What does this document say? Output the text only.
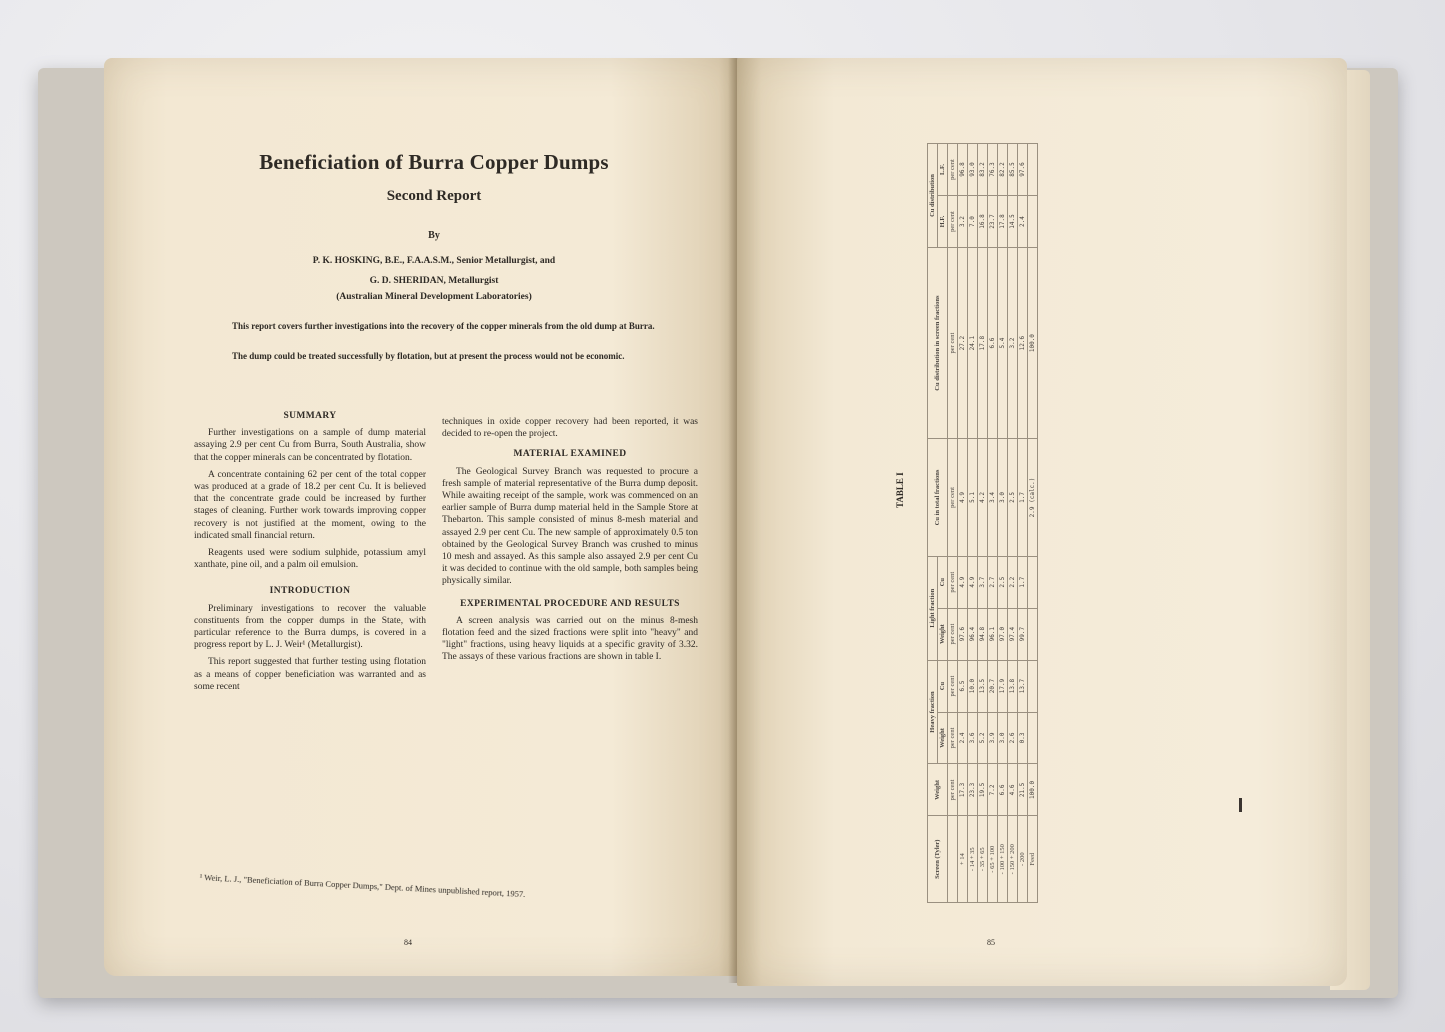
Beneficiation of Burra Copper Dumps
Second Report
By
P. K. HOSKING, B.E., F.A.A.S.M., Senior Metallurgist, and
G. D. SHERIDAN, Metallurgist
(Australian Mineral Development Laboratories)
This report covers further investigations into the recovery of the copper minerals from the old dump at Burra.
The dump could be treated successfully by flotation, but at present the process would not be economic.
SUMMARY

Further investigations on a sample of dump material assaying 2.9 per cent Cu from Burra, South Australia, show that the copper minerals can be concentrated by flotation.

A concentrate containing 62 per cent of the total copper was produced at a grade of 18.2 per cent Cu. It is believed that the concentrate grade could be increased by further stages of cleaning. Further work towards improving copper recovery is not justified at the moment, owing to the indicated small financial return.

Reagents used were sodium sulphide, potassium amyl xanthate, pine oil, and a palm oil emulsion.

INTRODUCTION

Preliminary investigations to recover the valuable constituents from the copper dumps in the State, with particular reference to the Burra dumps, is covered in a progress report by L. J. Weir¹ (Metallurgist).

This report suggested that further testing using flotation as a means of copper beneficiation was warranted and as some recent

techniques in oxide copper recovery had been reported, it was decided to re-open the project.

MATERIAL EXAMINED

The Geological Survey Branch was requested to procure a fresh sample of material representative of the Burra dump deposit. While awaiting receipt of the sample, work was commenced on an earlier sample of Burra dump material held in the Sample Store at Thebarton. This sample consisted of minus 8-mesh material and assayed 2.9 per cent Cu. The new sample of approximately 0.5 ton obtained by the Geological Survey Branch was crushed to minus 10 mesh and assayed. As this sample also assayed 2.9 per cent Cu it was decided to continue with the old sample, both samples being physically similar.

EXPERIMENTAL PROCEDURE AND RESULTS

A screen analysis was carried out on the minus 8-mesh flotation feed and the sized fractions were split into "heavy" and "light" fractions, using heavy liquids at a specific gravity of 3.32. The assays of these various fractions are shown in table I.

¹ Weir, L. J., "Beneficiation of Burra Copper Dumps," Dept. of Mines unpublished report, 1957.
84
TABLE I
Screen (Tyler)	Weight	Heavy fraction		Light fraction		Cu in total fractions	Cu distribution in screen fractions	Cu distribution	
		Weight	Cu	Weight	Cu			H.F.	L.F.
	per cent	per cent	per cent	per cent	per cent	per cent	per cent	per cent	per cent
+ 14	17.3	2.4	6.5	97.6	4.9	4.9	27.2	3.2	96.8
- 14 + 35	23.3	3.6	10.0	96.4	4.9	5.1	24.1	7.0	93.0
- 35 + 65	19.5	5.2	13.5	94.8	3.7	4.2	17.8	16.8	83.2
- 65 + 100	7.2	3.9	20.7	96.1	2.7	3.4	6.6	23.7	76.3
- 100 + 150	6.6	3.0	17.9	97.0	2.5	3.0	5.4	17.8	82.2
- 150 + 200	4.6	2.6	13.8	97.4	2.2	2.5	3.2	14.5	85.5
- 200	21.5	0.3	13.7	99.7	1.7	1.7	12.6	2.4	97.6
Feed	100.0					2.9 (calc.)	100.0		
85
